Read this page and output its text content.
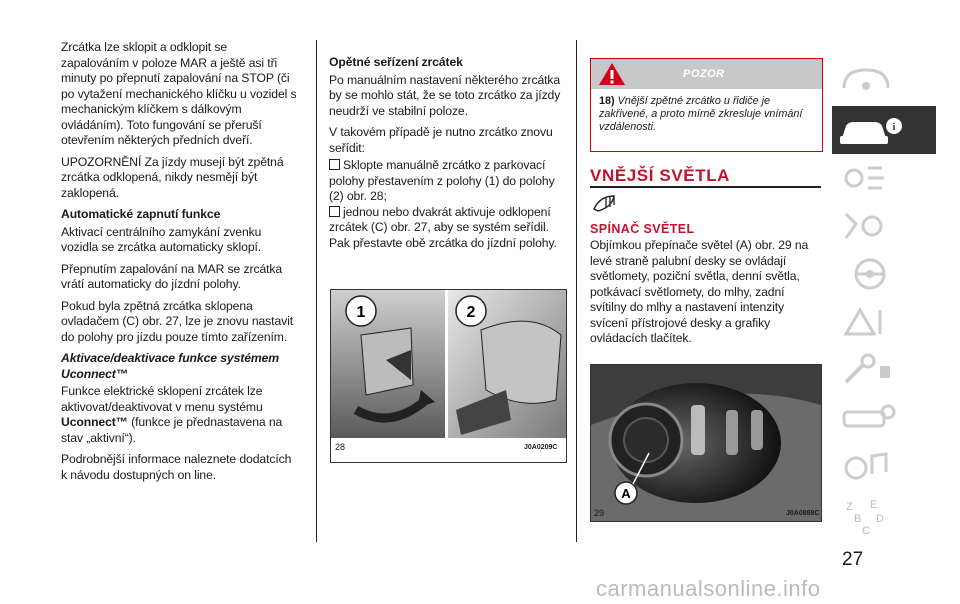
Zrcátka lze sklopit a odklopit se zapalováním v poloze MAR a ještě asi tři minuty po přepnutí zapalování na STOP (či po vytažení mechanického klíčku u vozidel s mechanickým klíčkem s dálkovým ovládáním). Toto fungování se přeruší otevřením některých předních dveří.

UPOZORNĚNÍ Za jízdy musejí být zpětná zrcátka odklopená, nikdy nesmějí být zaklopená.

Automatické zapnutí funkce

Aktivací centrálního zamykání zvenku vozidla se zrcátka automaticky sklopí.

Přepnutím zapalování na MAR se zrcátka vrátí automaticky do jízdní polohy.

Pokud byla zpětná zrcátka sklopena ovladačem (C) obr. 27, lze je znovu nastavit do polohy pro jízdu pouze tímto zařízením.

Aktivace/deaktivace funkce systémem Uconnect™

Funkce elektrické sklopení zrcátek lze aktivovat/deaktivovat v menu systému Uconnect™ (funkce je přednastavena na stav „aktivní“).

Podrobnější informace naleznete dodatcích k návodu dostupných on line.

Opětné seřízení zrcátek

Po manuálním nastavení některého zrcátka by se mohlo stát, že se toto zrcátko za jízdy neudrží ve stabilní poloze.

V takovém případě je nutno zrcátko znovu seřídit:

Sklopte manuálně zrcátko z parkovací polohy přestavením z polohy (1) do polohy (2) obr. 28;

jednou nebo dvakrát aktivuje odklopení zrcátek (C) obr. 27, aby se systém seřídil. Pak přestavte obě zrcátka do jízdní polohy.

1	2
28	J0A0209C
POZOR
18) Vnější zpětné zrcátko u řidiče je zakřivené, a proto mírně zkresluje vnímání vzdálenosti.
VNĚJŠÍ SVĚTLA
SPÍNAČ SVĚTEL

Objímkou přepínače světel (A) obr. 29 na levé straně palubní desky se ovládají světlomety, poziční světla, denní světla, potkávací světlomety, do mlhy, zadní svítilny do mlhy a nastavení intenzity svícení přístrojové desky a grafiky ovládacích tlačítek.

A
29	J0A0888C
i
Z E
B D
C
27
carmanualsonline.info
